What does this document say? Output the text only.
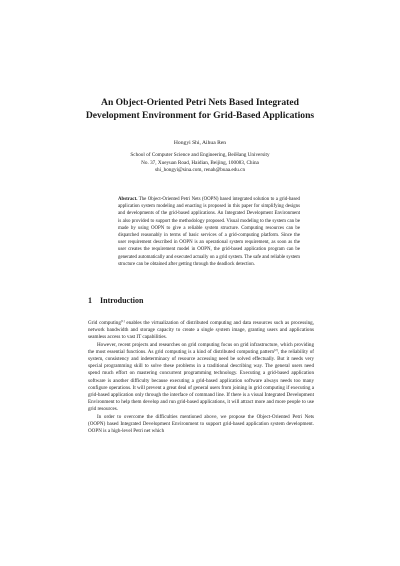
An Object-Oriented Petri Nets Based Integrated
Development Environment for Grid-Based Applications
Hongyi Shi, Aihua Ren
School of Computer Science and Engineering, BeiHang University
No. 37, Xueyuan Road, Haidian, Beijing, 100083, China
shi_hongyi@sina.com, renah@buaa.edu.cn
Abstract. The Object-Oriented Petri Nets (OOPN) based integrated solution to a grid-based application system modeling and enacting is proposed in this paper for simplifying designs and developments of the grid-based applications. An Integrated Development Environment is also provided to support the methodology proposed. Visual modeling to the system can be made by using OOPN to give a reliable system structure. Computing resources can be dispatched reasonably in terms of basic services of a grid-computing platform. Since the user requirement described in OOPN is an operational system requirement, as soon as the user creates the requirement model in OOPN, the grid-based application program can be generated automatically and executed actually on a grid system. The safe and reliable system structure can be obtained after getting through the deadlock detection.
1 Introduction

Grid computing[1] enables the virtualization of distributed computing and data resources such as processing, network bandwidth and storage capacity to create a single system image, granting users and applications seamless access to vast IT capabilities.

However, recent projects and researches on grid computing focus on grid infrastructure, which providing the most essential functions. As grid computing is a kind of distributed computing pattern[2], the reliability of system, consistency and indeterminacy of resource accessing need be solved effectually. But it needs very special programming skill to solve these problems in a traditional describing way. The general users need spend much effort on mastering concurrent programming technology. Executing a grid-based application software is another difficulty because executing a grid-based application software always needs too many configure operations. It will prevent a great deal of general users from joining in grid computing if executing a grid-based application only through the interface of command line. If there is a visual Integrated Development Environment to help them develop and run grid-based applications, it will attract more and more people to use grid resources.

In order to overcome the difficulties mentioned above, we propose the Object-Oriented Petri Nets (OOPN) based Integrated Development Environment to support grid-based application system development. OOPN is a high-level Petri net which
